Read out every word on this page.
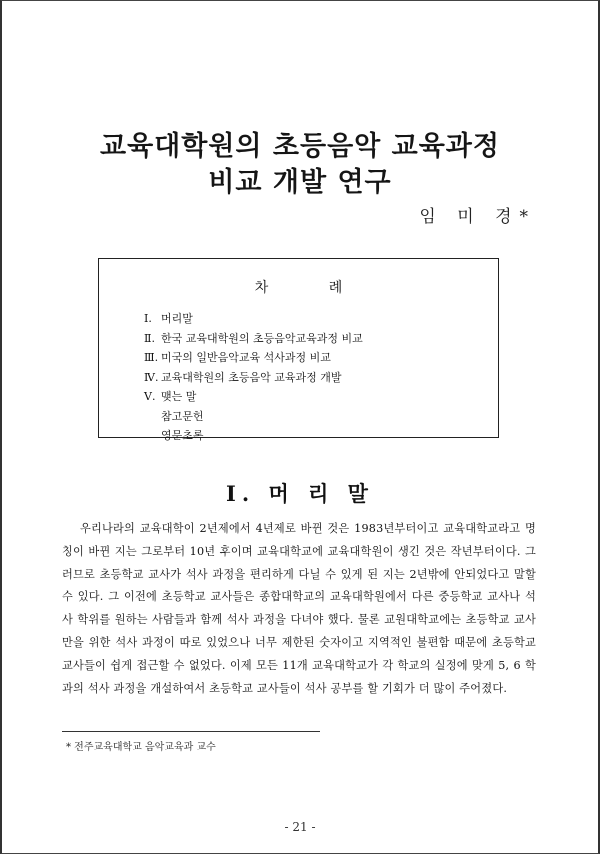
교육대학원의 초등음악 교육과정
비교 개발 연구
임 미 경*
차 례
Ⅰ. 머리말
Ⅱ. 한국 교육대학원의 초등음악교육과정 비교
Ⅲ. 미국의 일반음악교육 석사과정 비교
Ⅳ. 교육대학원의 초등음악 교육과정 개발
Ⅴ. 맺는 말
참고문헌
영문초록
Ⅰ. 머 리 말

우리나라의 교육대학이 2년제에서 4년제로 바뀐 것은 1983년부터이고 교육대학교라고 명칭이 바뀐 지는 그로부터 10년 후이며 교육대학교에 교육대학원이 생긴 것은 작년부터이다. 그러므로 초등학교 교사가 석사 과정을 편리하게 다닐 수 있게 된 지는 2년밖에 안되었다고 말할 수 있다. 그 이전에 초등학교 교사들은 종합대학교의 교육대학원에서 다른 중등학교 교사나 석사 학위를 원하는 사람들과 함께 석사 과정을 다녀야 했다. 물론 교원대학교에는 초등학교 교사만을 위한 석사 과정이 따로 있었으나 너무 제한된 숫자이고 지역적인 불편함 때문에 초등학교 교사들이 쉽게 접근할 수 없었다. 이제 모든 11개 교육대학교가 각 학교의 실정에 맞게 5, 6 학과의 석사 과정을 개설하여서 초등학교 교사들이 석사 공부를 할 기회가 더 많이 주어졌다.

* 전주교육대학교 음악교육과 교수
- 21 -
